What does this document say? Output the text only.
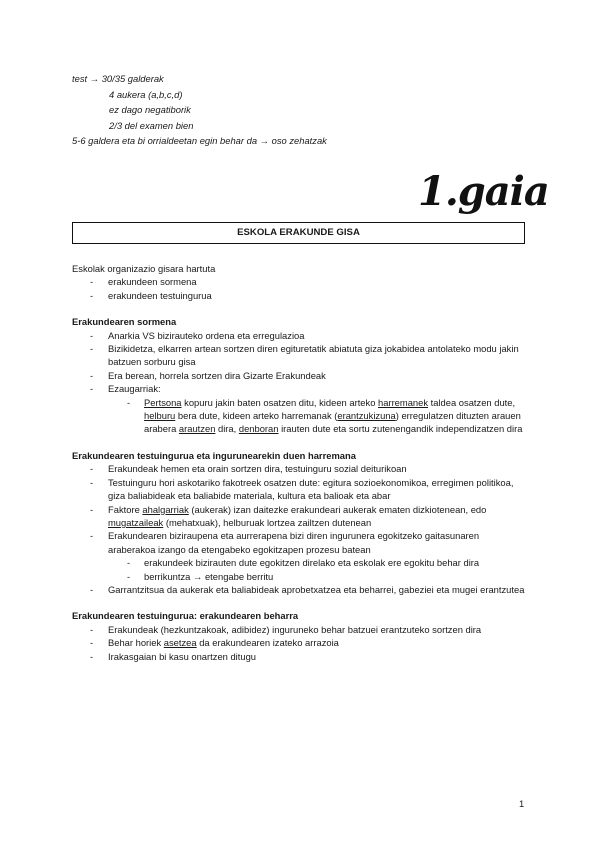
test → 30/35 galderak
4 aukera (a,b,c,d)
ez dago negatiborik
2/3 del examen bien
5-6 galdera eta bi orrialdeetan egin behar da → oso zehatzak
1.gaia
ESKOLA ERAKUNDE GISA

Eskolak organizazio gisara hartuta

- erakundeen sormena
- erakundeen testuingurua

Erakundearen sormena

- Anarkia VS bizirauteko ordena eta erregulazioa
- Bizikidetza, elkarren artean sortzen diren egituretatik abiatuta giza jokabidea antolateko modu jakin batzuen sorburu gisa
- Era berean, horrela sortzen dira Gizarte Erakundeak
- Ezaugarriak:
- Pertsona kopuru jakin baten osatzen ditu, kideen arteko harremanek taldea osatzen dute, helburu bera dute, kideen arteko harremanak (erantzukizuna) erregulatzen dituzten arauen arabera arautzen dira, denboran irauten dute eta sortu zutenengandik independizatzen dira

Erakundearen testuingurua eta ingurunearekin duen harremana

- Erakundeak hemen eta orain sortzen dira, testuinguru sozial deiturikoan
- Testuinguru hori askotariko fakotreek osatzen dute: egitura sozioekonomikoa, erregimen politikoa, giza baliabideak eta baliabide materiala, kultura eta balioak eta abar
- Faktore ahalgarriak (aukerak) izan daitezke erakundeari aukerak ematen dizkiotenean, edo mugatzaileak (mehatxuak), helburuak lortzea zailtzen dutenean
- Erakundearen biziraupena eta aurrerapena bizi diren ingurunera egokitzeko gaitasunaren araberakoa izango da etengabeko egokitzapen prozesu batean
- erakundeek bizirauten dute egokitzen direlako eta eskolak ere egokitu behar dira
- berrikuntza → etengabe berritu
- Garrantzitsua da aukerak eta baliabideak aprobetxatzea eta beharrei, gabeziei eta mugei erantzutea

Erakundearen testuingurua: erakundearen beharra

- Erakundeak (hezkuntzakoak, adibidez) inguruneko behar batzuei erantzuteko sortzen dira
- Behar horiek asetzea da erakundearen izateko arrazoia
- Irakasgaian bi kasu onartzen ditugu
1
